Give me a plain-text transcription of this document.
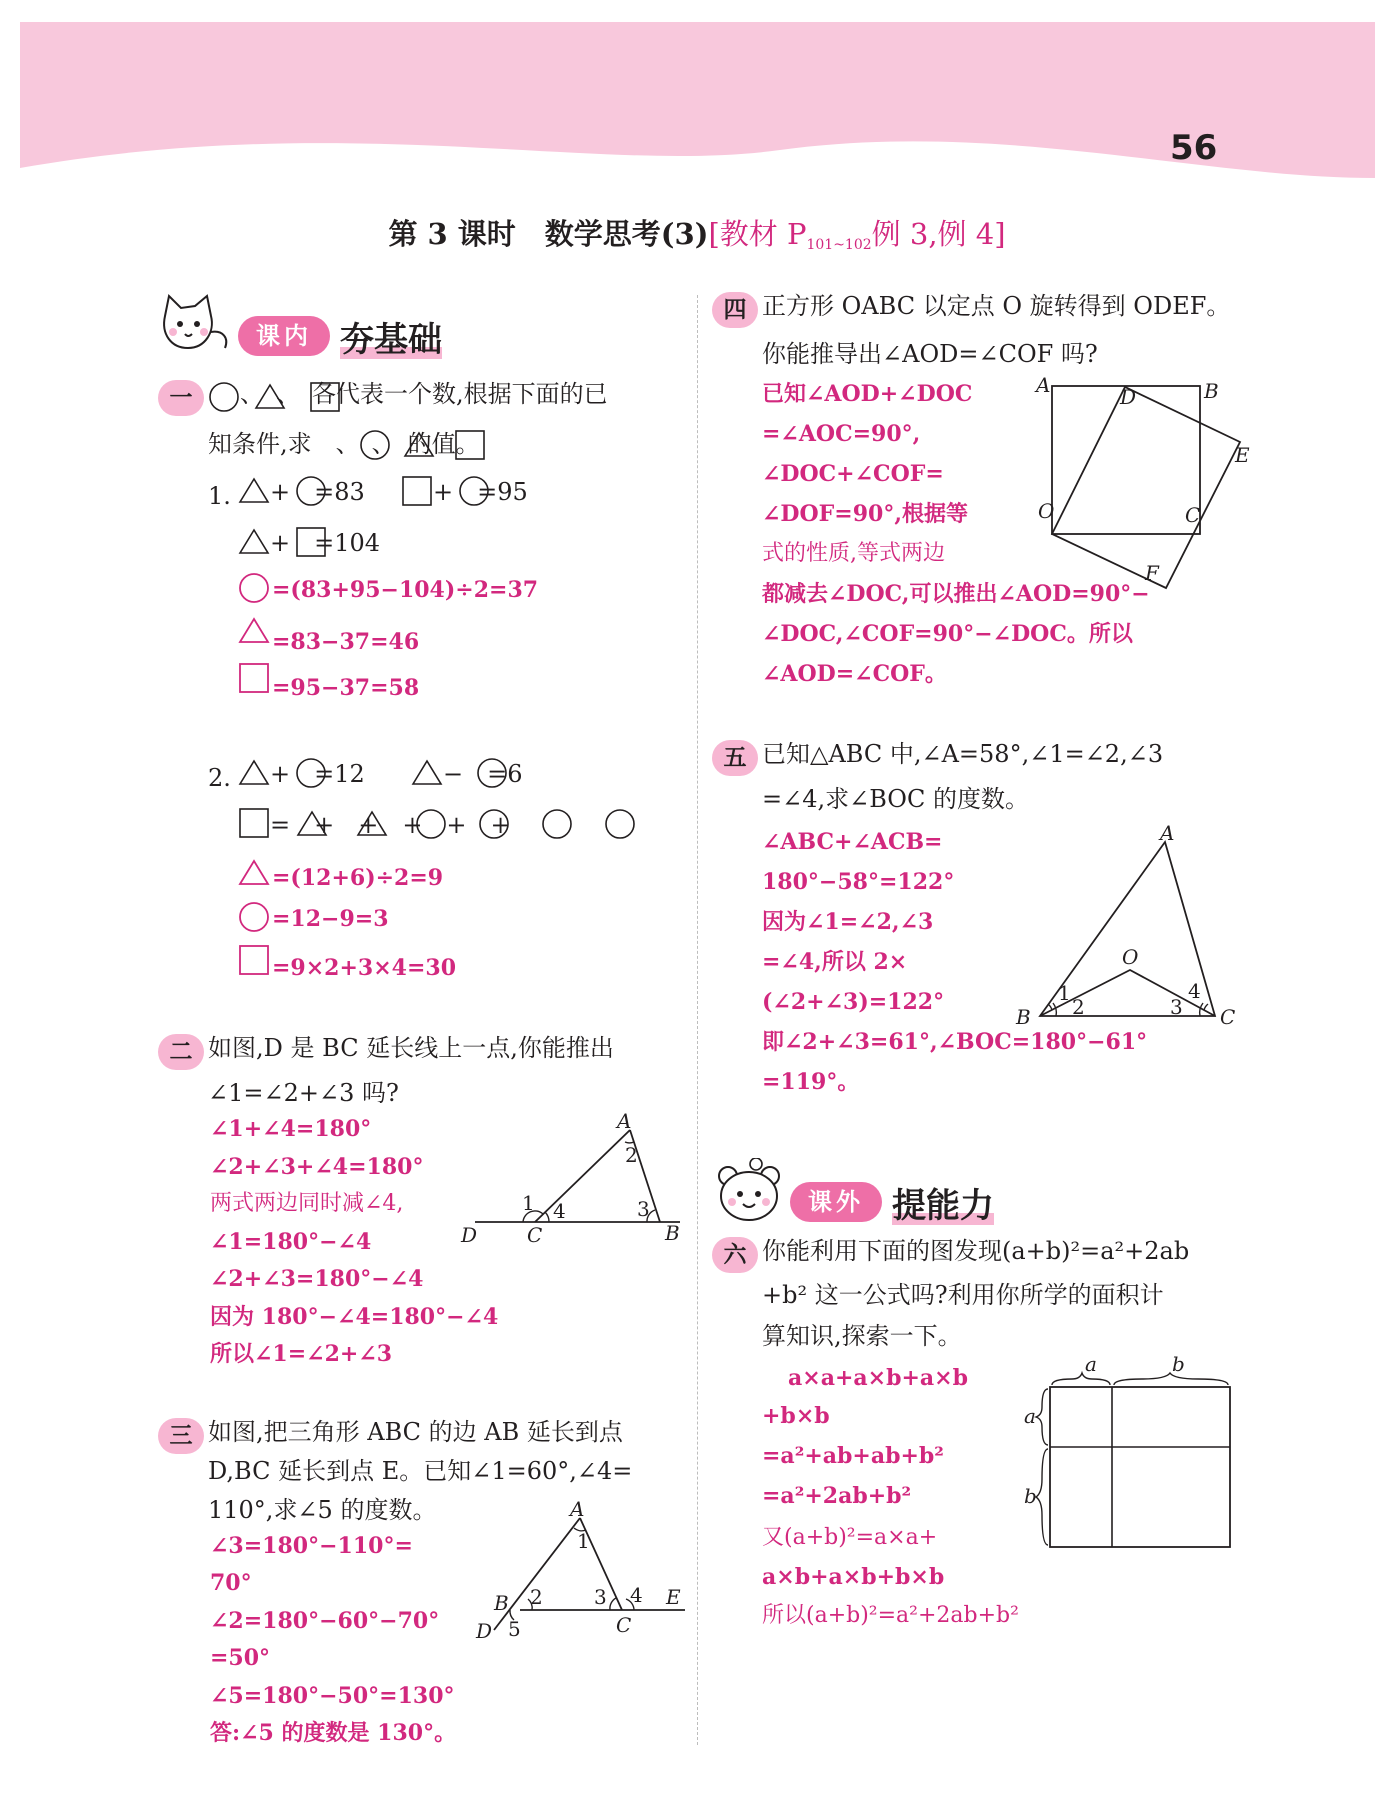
56
第 3 课时　数学思考(3)[教材 $P_{101\sim 102}$例 3,例 4]
课内 夯基础
一	、　、　各代表一个数,根据下面的已
知条件,求　、　、　的值。
1. +　=83	+　=95
+　=104
=(83+95−104)÷2=37
=83−37=46
=95−37=58
2. +　=12	−　=6
=　+　+　+　+　+
=(12+6)÷2=9
=12−9=3
=9×2+3×4=30
二 如图,D 是 BC 延长线上一点,你能推出
∠1=∠2+∠3 吗?
∠1+∠4=180°
∠2+∠3+∠4=180°
两式两边同时减∠4,
∠1=180°−∠4
∠2+∠3=180°−∠4
因为 180°−∠4=180°−∠4
所以∠1=∠2+∠3
D C	B
A
1 4
2
3
三 如图,把三角形 ABC 的边 AB 延长到点
D,BC 延长到点 E。已知∠1=60°,∠4=
110°,求∠5 的度数。
∠3=180°−110°=
70°
∠2=180°−60°−70°
=50°
∠5=180°−50°=130°
答:∠5 的度数是 130°。
A
B
C
D
E
1
2	3 4
5
四 正方形 OABC 以定点 O 旋转得到 ODEF。
你能推导出∠AOD=∠COF 吗?
已知∠AOD+∠DOC
=∠AOC=90°,
∠DOC+∠COF=
∠DOF=90°,根据等
式的性质,等式两边
都减去∠DOC,可以推出∠AOD=90°−
∠DOC,∠COF=90°−∠DOC。所以
∠AOD=∠COF。
A	B
C
D
E
F
O
五 已知△ABC 中,∠A=58°,∠1=∠2,∠3
=∠4,求∠BOC 的度数。
∠ABC+∠ACB=
180°−58°=122°
因为∠1=∠2,∠3
=∠4,所以 2×
(∠2+∠3)=122°
即∠2+∠3=61°,∠BOC=180°−61°
=119°。
A
B	C
O
1
2	3
4
课外 提能力
六 你能利用下面的图发现(a+b)²=a²+2ab
+b² 这一公式吗?利用你所学的面积计
算知识,探索一下。
a×a+a×b+a×b
+b×b
=a²+ab+ab+b²
=a²+2ab+b²
又(a+b)²=a×a+
a×b+a×b+b×b
所以(a+b)²=a²+2ab+b²
a	b
a
b
